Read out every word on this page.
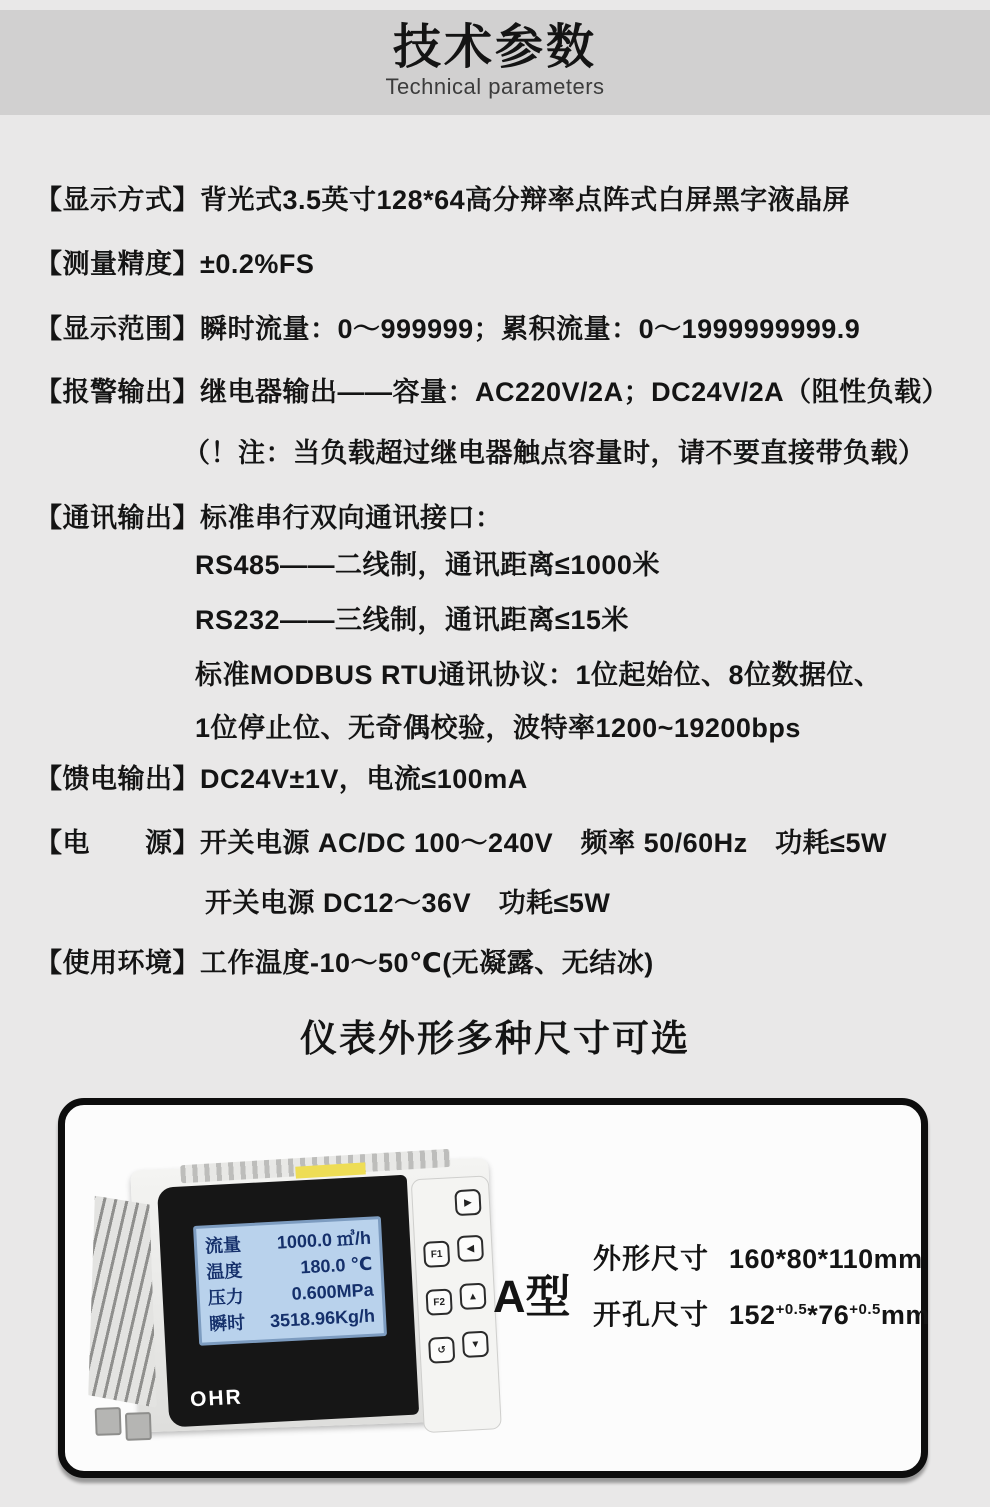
技术参数
Technical parameters
【显示方式】 背光式3.5英寸128*64高分辩率点阵式白屏黑字液晶屏
【测量精度】 ±0.2%FS
【显示范围】 瞬时流量：0～999999；累积流量：0～1999999999.9
【报警输出】 继电器输出——容量：AC220V/2A；DC24V/2A（阻性负载）
（！注：当负载超过继电器触点容量时，请不要直接带负载）
【通讯输出】 标准串行双向通讯接口：
RS485——二线制，通讯距离≤1000米
RS232——三线制，通讯距离≤15米
标准MODBUS RTU通讯协议：1位起始位、8位数据位、
1位停止位、无奇偶校验，波特率1200~19200bps
【馈电输出】 DC24V±1V，电流≤100mA
【电　　源】 开关电源 AC/DC 100～240V　频率 50/60Hz　功耗≤5W
开关电源 DC12～36V　功耗≤5W
【使用环境】 工作温度-10～50℃(无凝露、无结冰)
仪表外形多种尺寸可选
流量 1000.0 ㎥/h
温度	180.0 ℃
压力	0.600MPa
瞬时 3518.96Kg/h
OHR
▶
F1	◀
F2	▲
↺
▼
A型
外形尺寸 160*80*110mm
开孔尺寸 $152^{+0.5}*76^{+0.5}mm$
